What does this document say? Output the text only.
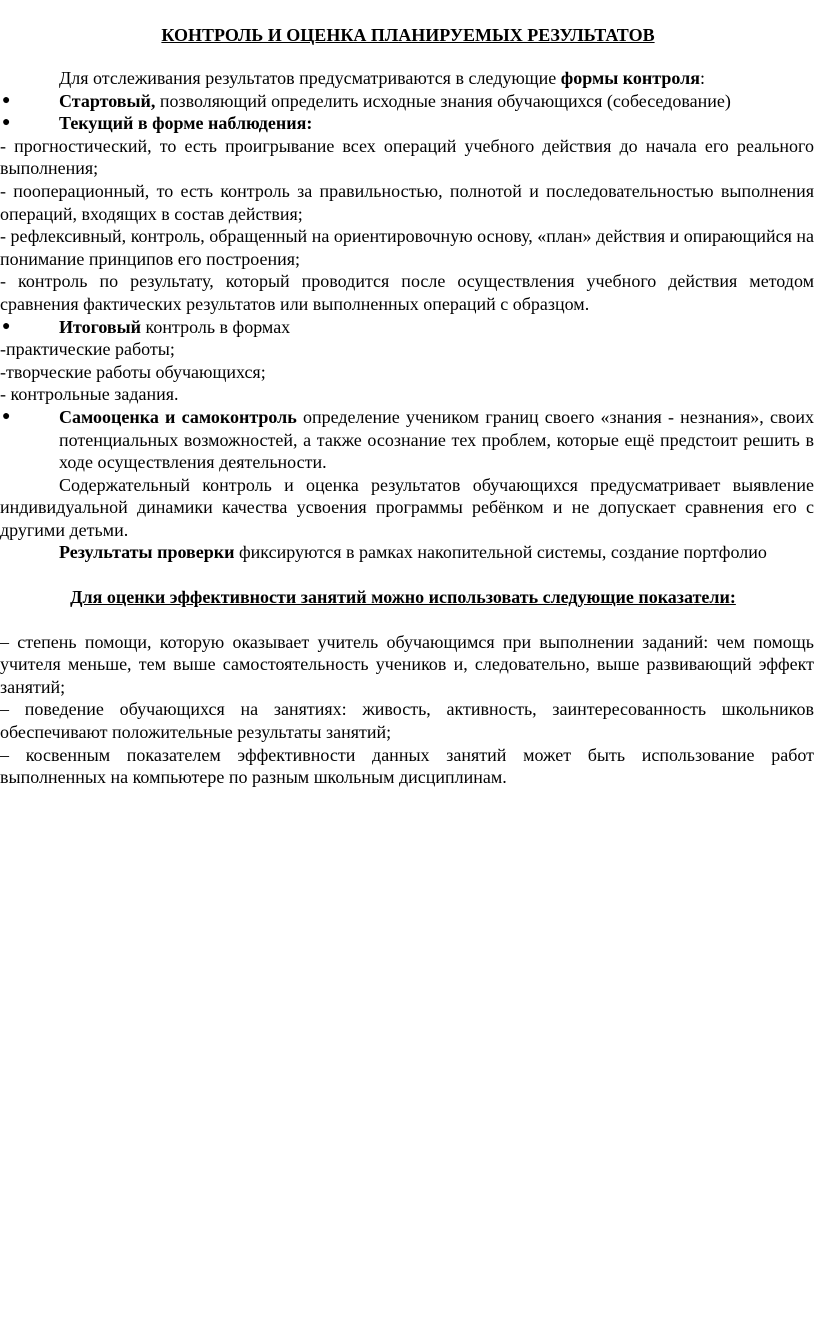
КОНТРОЛЬ И ОЦЕНКА ПЛАНИРУЕМЫХ РЕЗУЛЬТАТОВ

Для отслеживания результатов предусматриваются в следующие формы контроля:

●	Стартовый, позволяющий определить исходные знания обучающихся (собеседование)

●	Текущий в форме наблюдения:

- прогностический, то есть проигрывание всех операций учебного действия до начала его реального выполнения;

- пооперационный, то есть контроль за правильностью, полнотой и последовательностью выполнения операций, входящих в состав действия;

- рефлексивный, контроль, обращенный на ориентировочную основу, «план» действия и опирающийся на понимание принципов его построения;

- контроль по результату, который проводится после осуществления учебного действия методом сравнения фактических результатов или выполненных операций с образцом.

●	Итоговый контроль в формах

-практические работы;

-творческие работы обучающихся;

- контрольные задания.

●	Самооценка и самоконтроль определение учеником границ своего «знания - незнания», своих потенциальных возможностей, а также осознание тех проблем, которые ещё предстоит решить в ходе осуществления деятельности.

Содержательный контроль и оценка результатов обучающихся предусматривает выявление индивидуальной динамики качества усвоения программы ребёнком и не допускает сравнения его с другими детьми.

Результаты проверки фиксируются в рамках накопительной системы, создание портфолио

Для оценки эффективности занятий можно использовать следующие показатели:

– степень помощи, которую оказывает учитель обучающимся при выполнении заданий: чем помощь учителя меньше, тем выше самостоятельность учеников и, следовательно, выше развивающий эффект занятий;

– поведение обучающихся на занятиях: живость, активность, заинтересованность школьников обеспечивают положительные результаты занятий;

– косвенным показателем эффективности данных занятий может быть использование работ выполненных на компьютере по разным школьным дисциплинам.
